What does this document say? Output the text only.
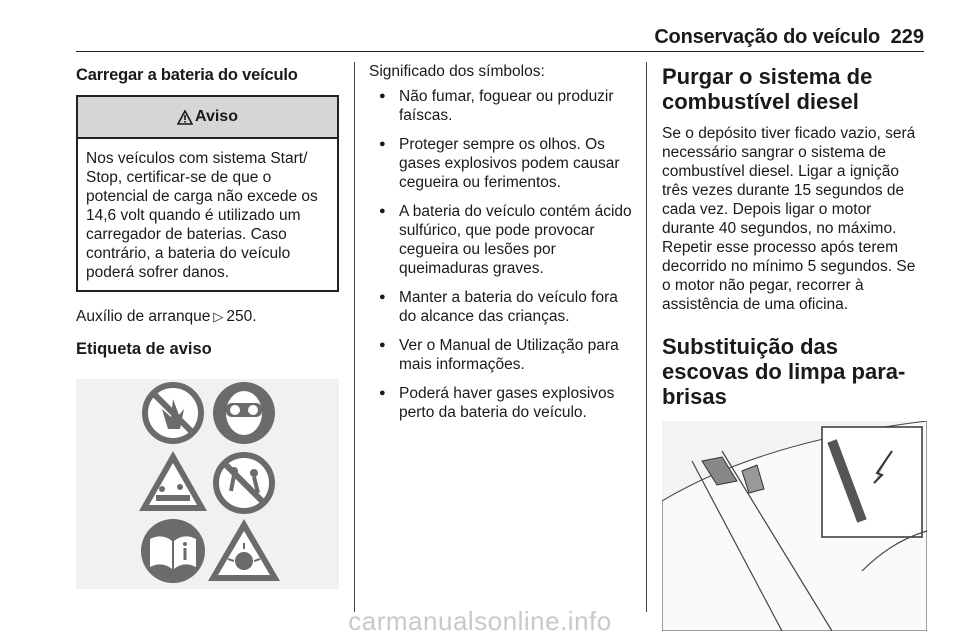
Conservação do veículo 229
Carregar a bateria do veículo
Aviso
Nos veículos com sistema Start/ Stop, certificar-se de que o potencial de carga não excede os 14,6 volt quando é utilizado um carregador de baterias. Caso contrário, a bateria do veículo poderá sofrer danos.
Auxílio de arranque ▷ 250.
Etiqueta de aviso

Significado dos símbolos:

● Não fumar, foguear ou produzir faíscas.
● Proteger sempre os olhos. Os gases explosivos podem causar cegueira ou ferimentos.
● A bateria do veículo contém ácido sulfúrico, que pode provocar cegueira ou lesões por queimaduras graves.
● Manter a bateria do veículo fora do alcance das crianças.
● Ver o Manual de Utilização para mais informações.
● Poderá haver gases explosivos perto da bateria do veículo.
Purgar o sistema de combustível diesel

Se o depósito tiver ficado vazio, será necessário sangrar o sistema de combustível diesel. Ligar a ignição três vezes durante 15 segundos de cada vez. Depois ligar o motor durante 40 segundos, no máximo. Repetir esse processo após terem decorrido no mínimo 5 segundos. Se o motor não pegar, recorrer à assistência de uma oficina.

Substituição das escovas do limpa para-brisas
carmanualsonline.info
